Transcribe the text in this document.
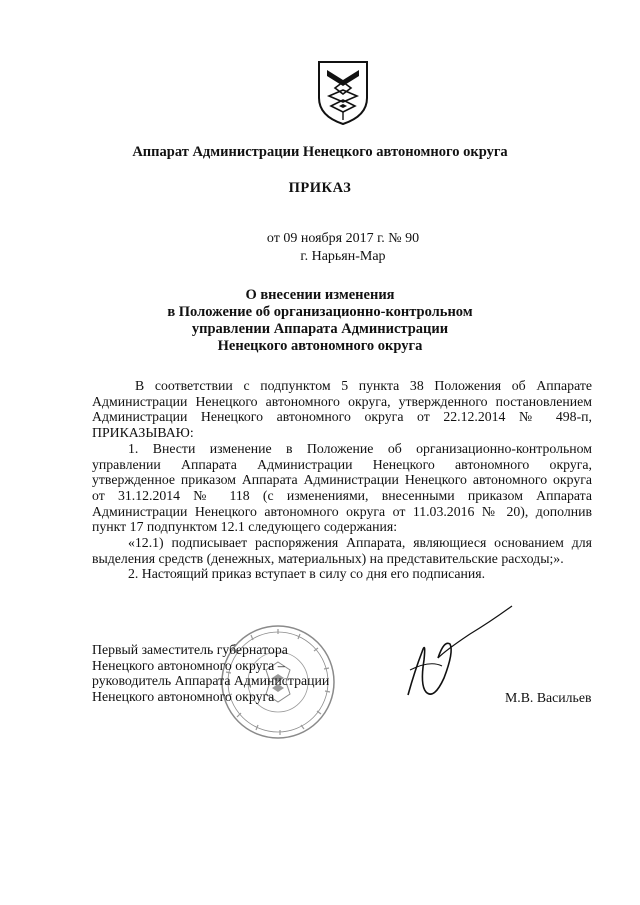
Аппарат Администрации Ненецкого автономного округа
ПРИКАЗ
от 09 ноября 2017 г. № 90
г. Нарьян-Мар
О внесении изменения
в Положение об организационно-контрольном
управлении Аппарата Администрации
Ненецкого автономного округа

В соответствии с подпунктом 5 пункта 38 Положения об Аппарате

Администрации Ненецкого автономного округа, утвержденного постановлением

Администрации Ненецкого автономного округа от 22.12.2014 № 498-п,

ПРИКАЗЫВАЮ:

1. Внести изменение в Положение об организационно-контрольном

управлении Аппарата Администрации Ненецкого автономного округа,

утвержденное приказом Аппарата Администрации Ненецкого автономного округа

от 31.12.2014 № 118 (с изменениями, внесенными приказом Аппарата

Администрации Ненецкого автономного округа от 11.03.2016 № 20), дополнив

пункт 17 подпунктом 12.1 следующего содержания:

«12.1) подписывает распоряжения Аппарата, являющиеся основанием для

выделения средств (денежных, материальных) на представительские расходы;».

2. Настоящий приказ вступает в силу со дня его подписания.

Первый заместитель губернатора
Ненецкого автономного округа –
руководитель Аппарата Администрации
Ненецкого автономного округа	М.В. Васильев
